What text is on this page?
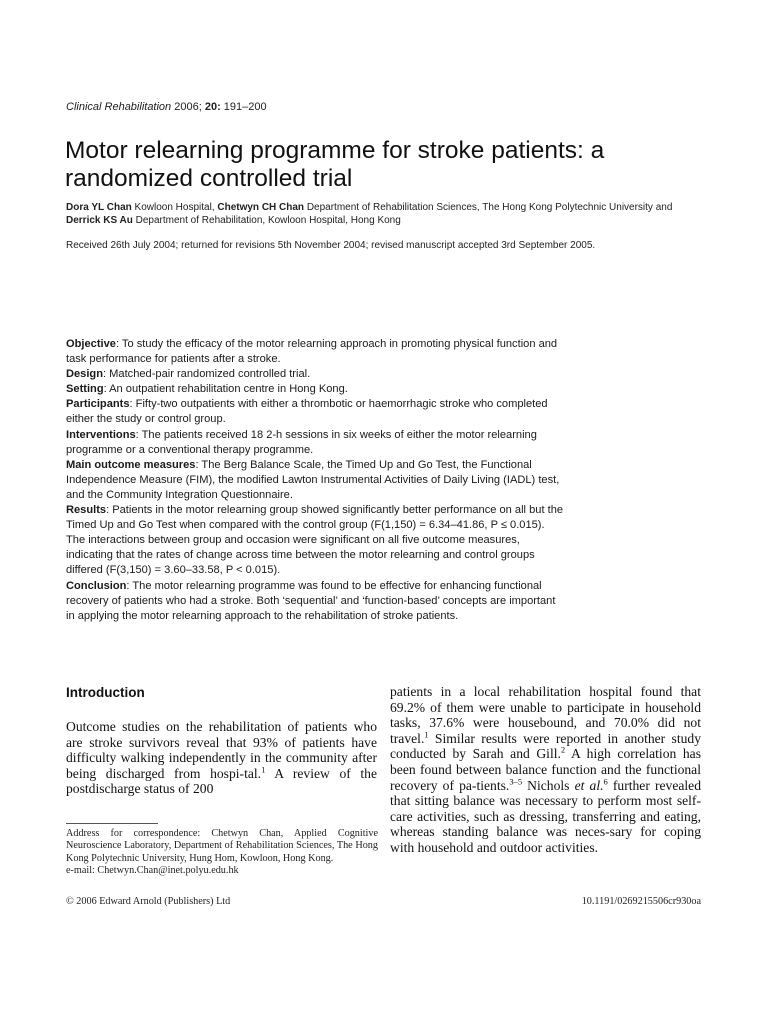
Clinical Rehabilitation 2006; 20: 191–200
Motor relearning programme for stroke patients: a randomized controlled trial
Dora YL Chan Kowloon Hospital, Chetwyn CH Chan Department of Rehabilitation Sciences, The Hong Kong Polytechnic University and Derrick KS Au Department of Rehabilitation, Kowloon Hospital, Hong Kong
Received 26th July 2004; returned for revisions 5th November 2004; revised manuscript accepted 3rd September 2005.

Objective: To study the efficacy of the motor relearning approach in promoting physical function and task performance for patients after a stroke.

Design: Matched-pair randomized controlled trial.

Setting: An outpatient rehabilitation centre in Hong Kong.

Participants: Fifty-two outpatients with either a thrombotic or haemorrhagic stroke who completed either the study or control group.

Interventions: The patients received 18 2-h sessions in six weeks of either the motor relearning programme or a conventional therapy programme.

Main outcome measures: The Berg Balance Scale, the Timed Up and Go Test, the Functional Independence Measure (FIM), the modified Lawton Instrumental Activities of Daily Living (IADL) test, and the Community Integration Questionnaire.

Results: Patients in the motor relearning group showed significantly better performance on all but the Timed Up and Go Test when compared with the control group (F(1,150) = 6.34–41.86, P ≤ 0.015). The interactions between group and occasion were significant on all five outcome measures, indicating that the rates of change across time between the motor relearning and control groups differed (F(3,150) = 3.60–33.58, P < 0.015).

Conclusion: The motor relearning programme was found to be effective for enhancing functional recovery of patients who had a stroke. Both ‘sequential’ and ‘function-based’ concepts are important in applying the motor relearning approach to the rehabilitation of stroke patients.

Introduction

Outcome studies on the rehabilitation of patients who are stroke survivors reveal that 93% of patients have difficulty walking independently in the community after being discharged from hospi-tal.$^1$ A review of the postdischarge status of 200

patients in a local rehabilitation hospital found that 69.2% of them were unable to participate in household tasks, 37.6% were housebound, and 70.0% did not travel.$^1$ Similar results were reported in another study conducted by Sarah and Gill.$^2$ A high correlation has been found between balance function and the functional recovery of pa-tients.$^{3-5}$ Nichols et al.$^6$ further revealed that sitting balance was necessary to perform most self-care activities, such as dressing, transferring and eating, whereas standing balance was neces-sary for coping with household and outdoor activities.

Address for correspondence: Chetwyn Chan, Applied Cognitive Neuroscience Laboratory, Department of Rehabilitation Sciences, The Hong Kong Polytechnic University, Hung Hom, Kowloon, Hong Kong.
e-mail: Chetwyn.Chan@inet.polyu.edu.hk
© 2006 Edward Arnold (Publishers) Ltd	10.1191/0269215506cr930oa
